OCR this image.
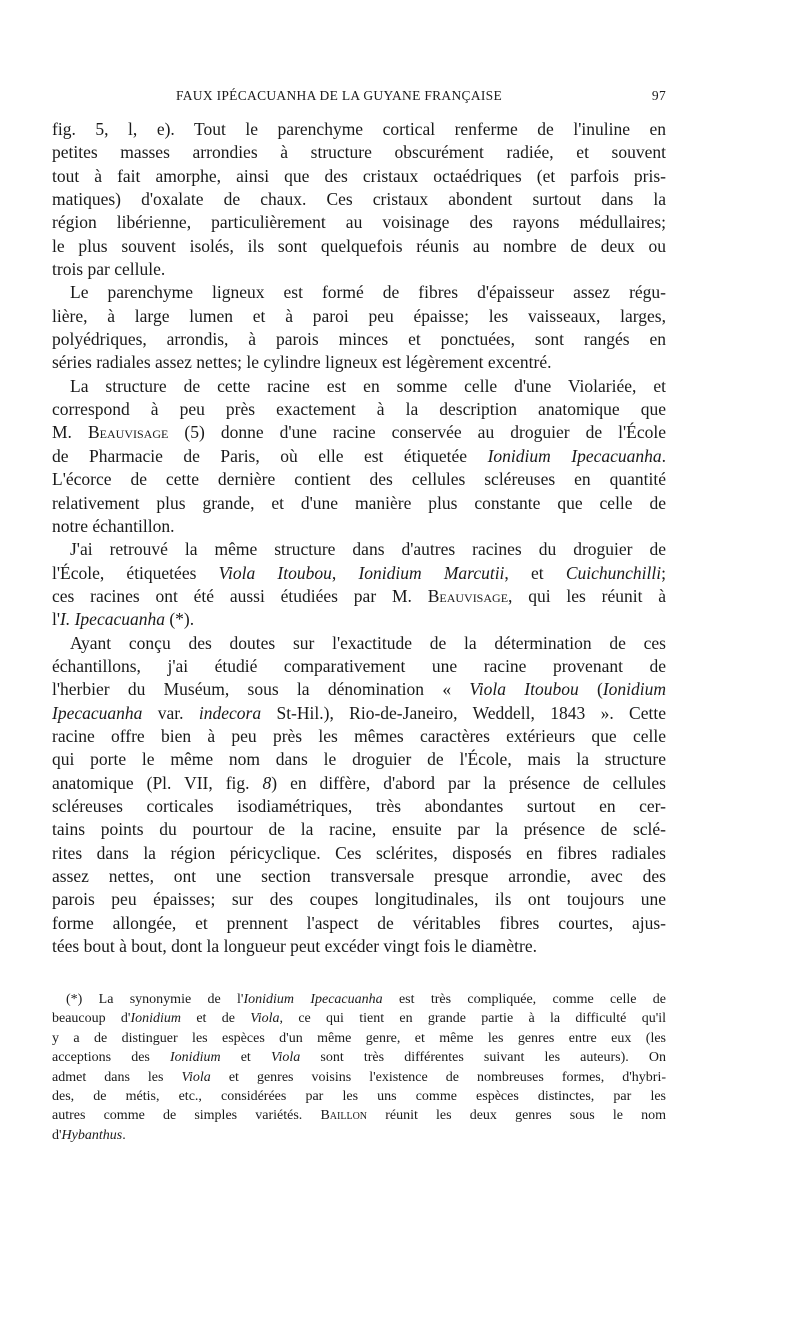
FAUX IPÉCACUANHA DE LA GUYANE FRANÇAISE	97
fig. 5, l, e). Tout le parenchyme cortical renferme de l'inuline en
petites masses arrondies à structure obscurément radiée, et souvent
tout à fait amorphe, ainsi que des cristaux octaédriques (et parfois pris-
matiques) d'oxalate de chaux. Ces cristaux abondent surtout dans la
région libérienne, particulièrement au voisinage des rayons médullaires;
le plus souvent isolés, ils sont quelquefois réunis au nombre de deux ou
trois par cellule.
Le parenchyme ligneux est formé de fibres d'épaisseur assez régu-
lière, à large lumen et à paroi peu épaisse; les vaisseaux, larges,
polyédriques, arrondis, à parois minces et ponctuées, sont rangés en
séries radiales assez nettes; le cylindre ligneux est légèrement excentré.
La structure de cette racine est en somme celle d'une Violariée, et
correspond à peu près exactement à la description anatomique que
M. Beauvisage (5) donne d'une racine conservée au droguier de l'École
de Pharmacie de Paris, où elle est étiquetée Ionidium Ipecacuanha.
L'écorce de cette dernière contient des cellules scléreuses en quantité
relativement plus grande, et d'une manière plus constante que celle de
notre échantillon.
J'ai retrouvé la même structure dans d'autres racines du droguier de
l'École, étiquetées Viola Itoubou, Ionidium Marcutii, et Cuichunchilli;
ces racines ont été aussi étudiées par M. Beauvisage, qui les réunit à
l'I. Ipecacuanha (*).
Ayant conçu des doutes sur l'exactitude de la détermination de ces
échantillons, j'ai étudié comparativement une racine provenant de
l'herbier du Muséum, sous la dénomination « Viola Itoubou (Ionidium
Ipecacuanha var. indecora St-Hil.), Rio-de-Janeiro, Weddell, 1843 ». Cette
racine offre bien à peu près les mêmes caractères extérieurs que celle
qui porte le même nom dans le droguier de l'École, mais la structure
anatomique (Pl. VII, fig. 8) en diffère, d'abord par la présence de cellules
scléreuses corticales isodiamétriques, très abondantes surtout en cer-
tains points du pourtour de la racine, ensuite par la présence de sclé-
rites dans la région péricyclique. Ces sclérites, disposés en fibres radiales
assez nettes, ont une section transversale presque arrondie, avec des
parois peu épaisses; sur des coupes longitudinales, ils ont toujours une
forme allongée, et prennent l'aspect de véritables fibres courtes, ajus-
tées bout à bout, dont la longueur peut excéder vingt fois le diamètre.
(*) La synonymie de l'Ionidium Ipecacuanha est très compliquée, comme celle de
beaucoup d'Ionidium et de Viola, ce qui tient en grande partie à la difficulté qu'il
y a de distinguer les espèces d'un même genre, et même les genres entre eux (les
acceptions des Ionidium et Viola sont très différentes suivant les auteurs). On
admet dans les Viola et genres voisins l'existence de nombreuses formes, d'hybri-
des, de métis, etc., considérées par les uns comme espèces distinctes, par les
autres comme de simples variétés. Baillon réunit les deux genres sous le nom
d'Hybanthus.
